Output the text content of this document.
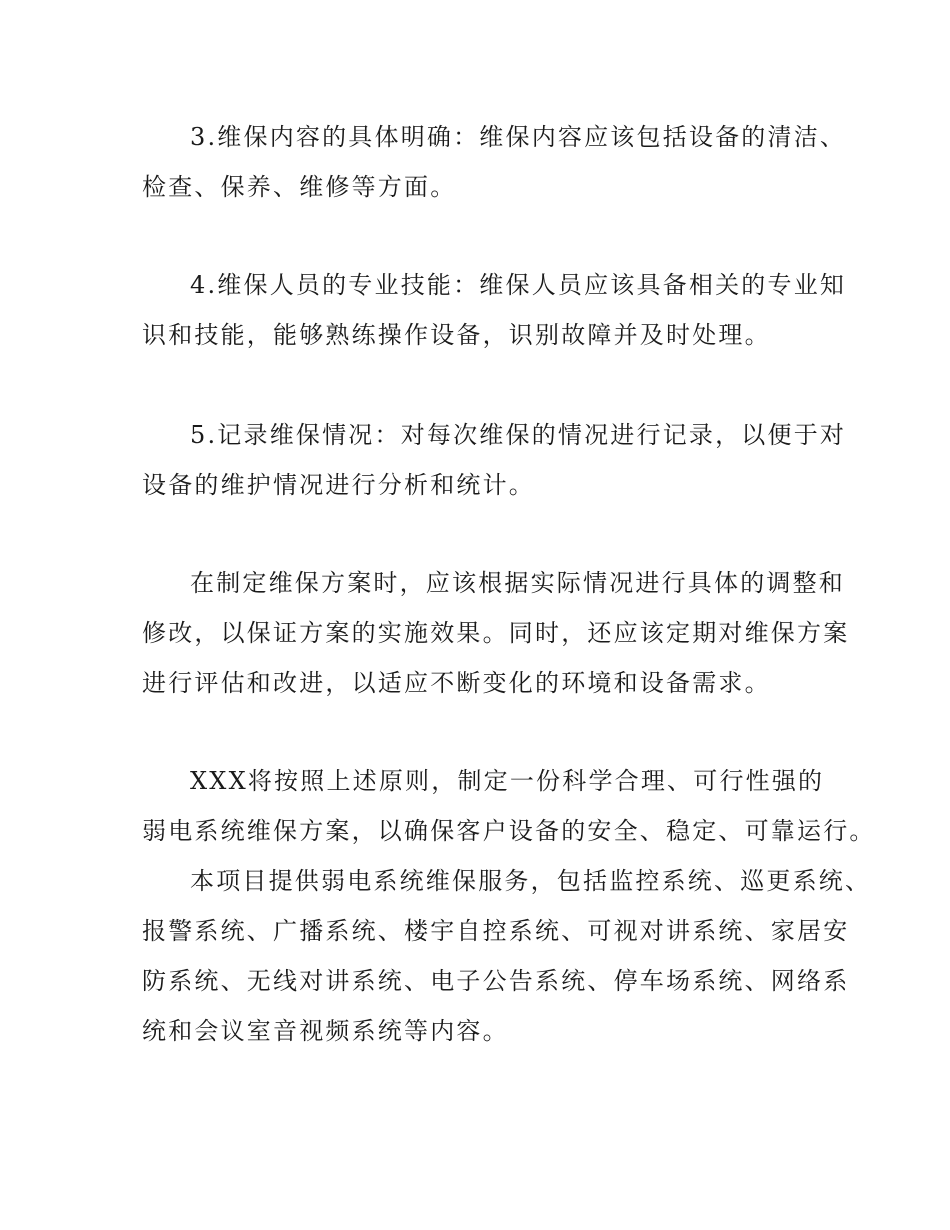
3.维保内容的具体明确：维保内容应该包括设备的清洁、
检查、保养、维修等方面。
4.维保人员的专业技能：维保人员应该具备相关的专业知
识和技能，能够熟练操作设备，识别故障并及时处理。
5.记录维保情况：对每次维保的情况进行记录，以便于对
设备的维护情况进行分析和统计。
在制定维保方案时，应该根据实际情况进行具体的调整和
修改，以保证方案的实施效果。同时，还应该定期对维保方案
进行评估和改进，以适应不断变化的环境和设备需求。
XXX将按照上述原则，制定一份科学合理、可行性强的
弱电系统维保方案，以确保客户设备的安全、稳定、可靠运行。
本项目提供弱电系统维保服务，包括监控系统、巡更系统、
报警系统、广播系统、楼宇自控系统、可视对讲系统、家居安
防系统、无线对讲系统、电子公告系统、停车场系统、网络系
统和会议室音视频系统等内容。
